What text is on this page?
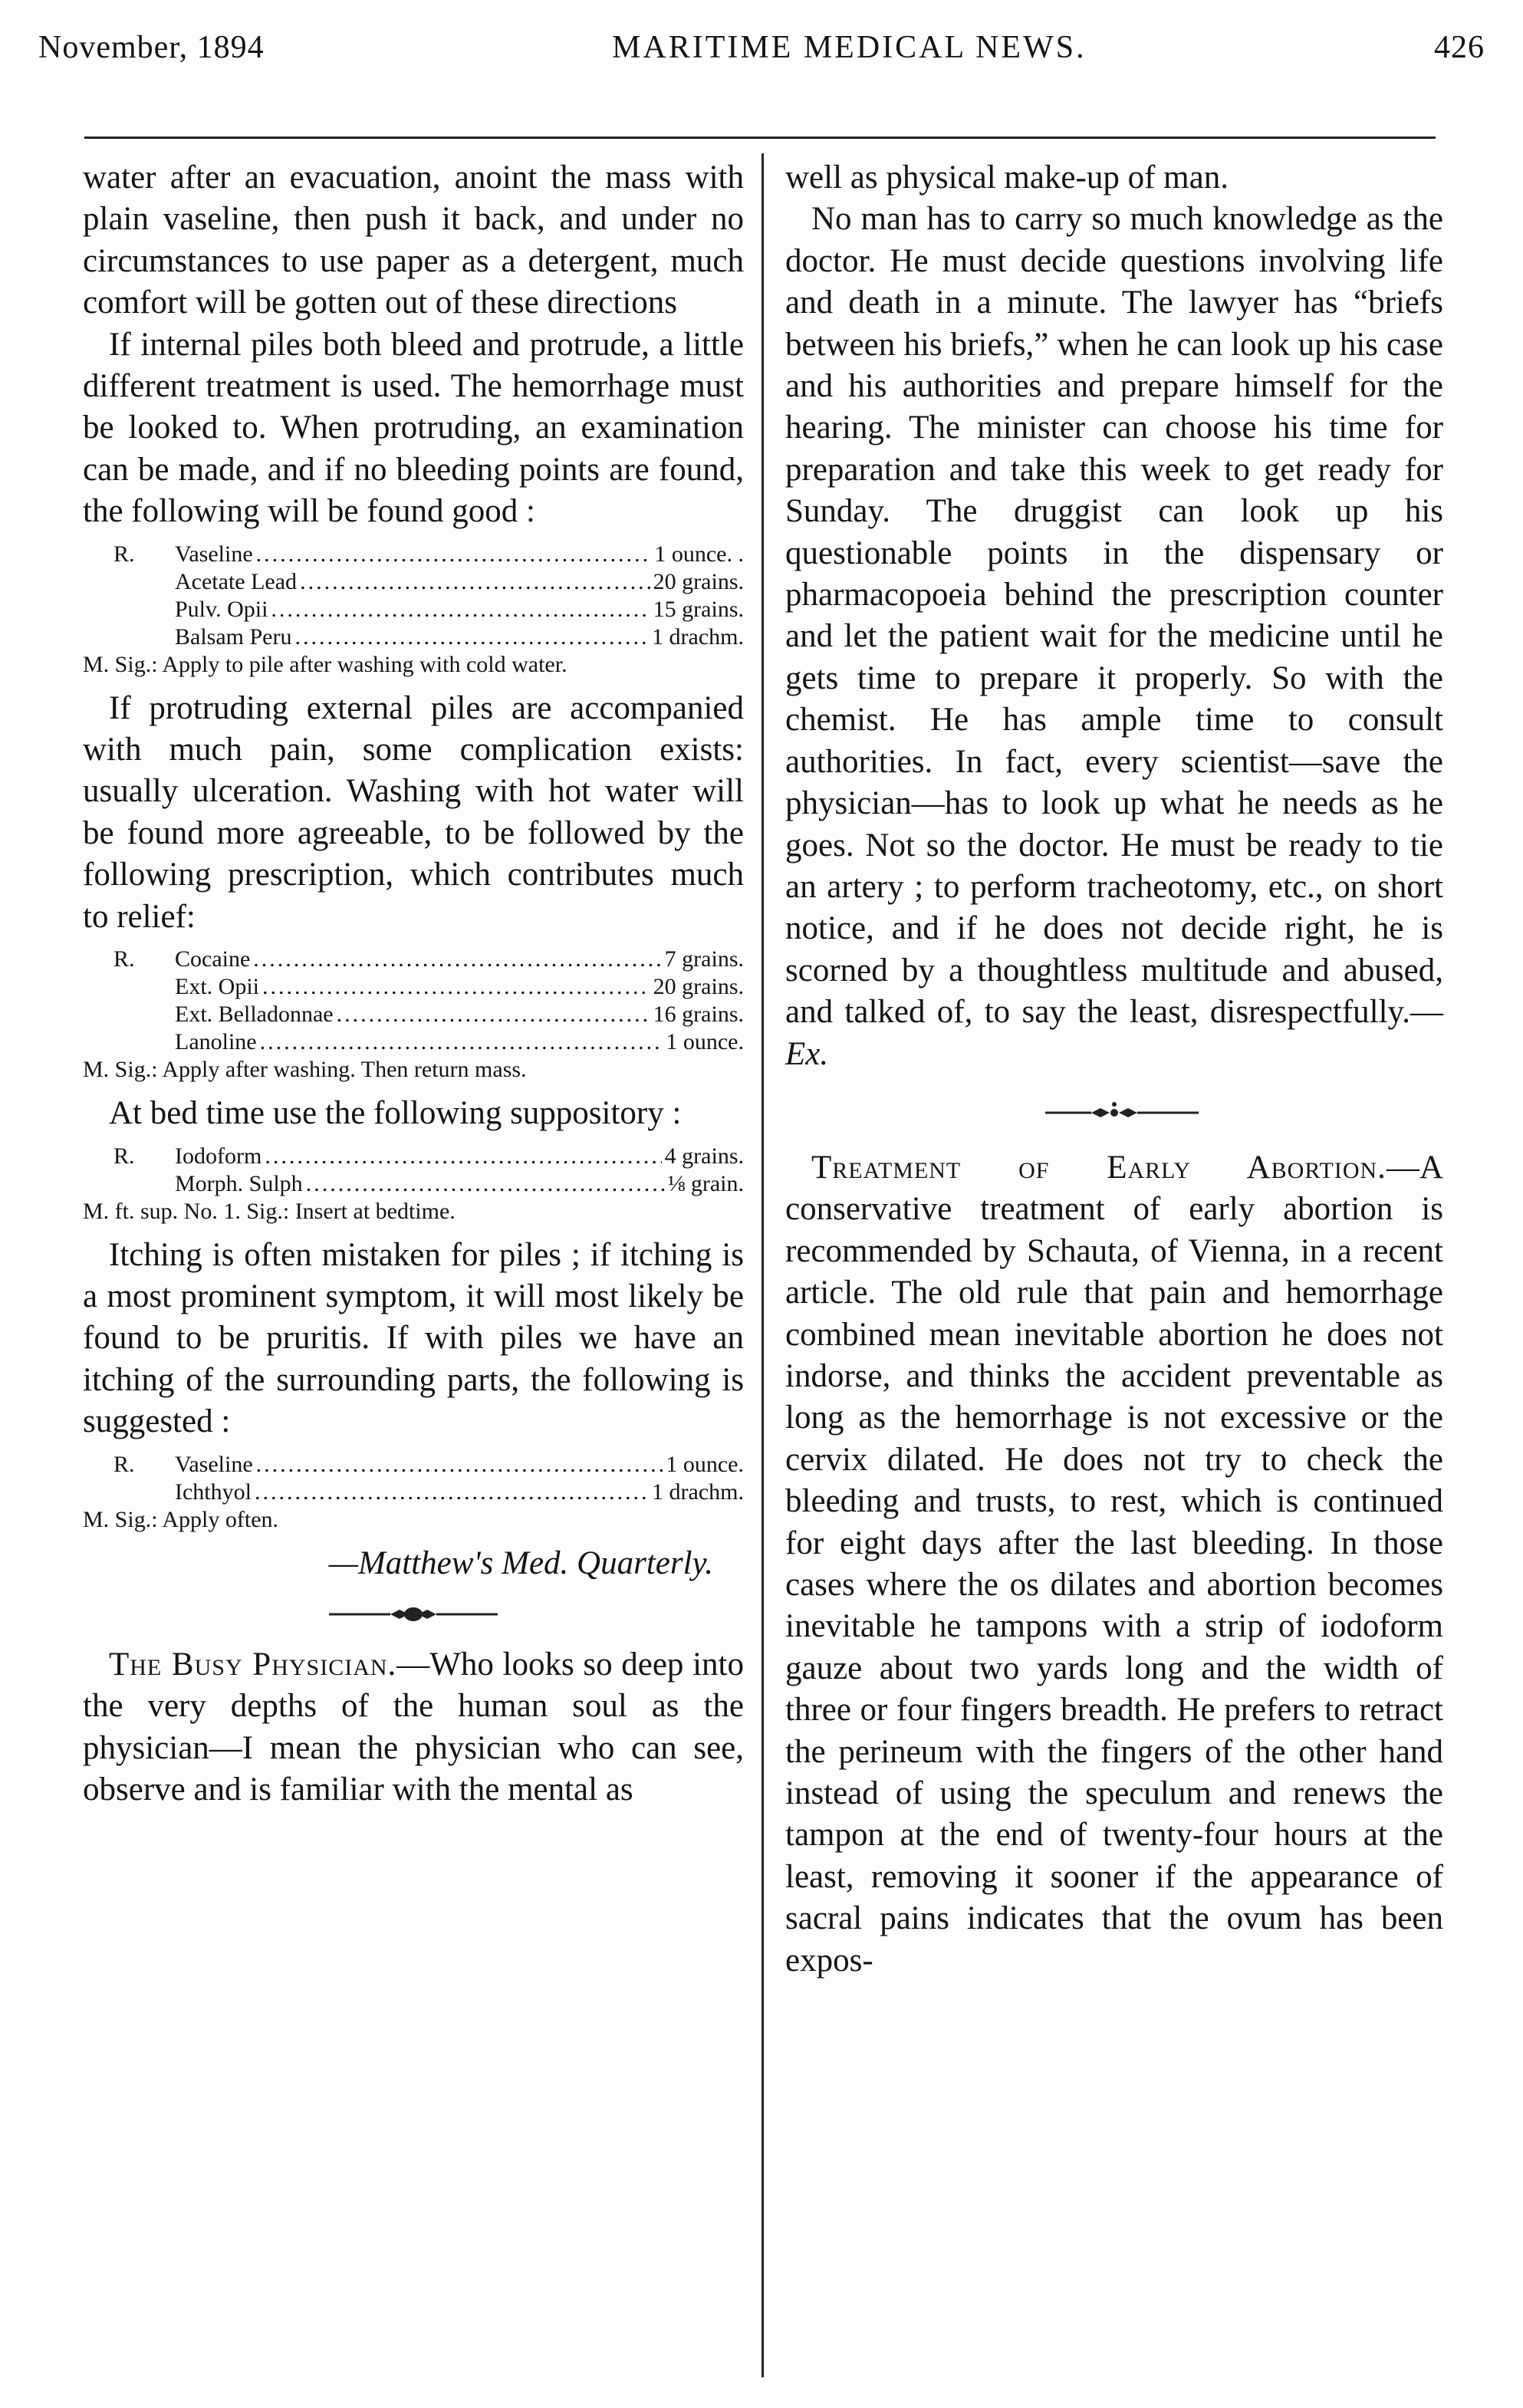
November, 1894	MARITIME MEDICAL NEWS.	426

water after an evacuation, anoint the mass with plain vaseline, then push it back, and under no circumstances to use paper as a detergent, much comfort will be gotten out of these directions

If internal piles both bleed and protrude, a little different treatment is used. The hemorrhage must be looked to. When protruding, an examination can be made, and if no bleeding points are found, the following will be found good :

R.	Vaseline .....	1 ounce. .
Acetate Lead .....	20 grains.
Pulv. Opii .....	15 grains.
Balsam Peru .....	1 drachm.
M. Sig.: Apply to pile after washing with cold water.

If protruding external piles are accompanied with much pain, some complication exists: usually ulceration. Washing with hot water will be found more agreeable, to be followed by the following prescription, which contributes much to relief:

R.	Cocaine .....	7 grains.
Ext. Opii .....	20 grains.
Ext. Belladonnae .....	16 grains.
Lanoline .....	1 ounce.
M. Sig.: Apply after washing. Then return mass.

At bed time use the following suppository :

R.	Iodoform .....	4 grains.
Morph. Sulph .....	⅛ grain.
M. ft. sup. No. 1. Sig.: Insert at bedtime.

Itching is often mistaken for piles ; if itching is a most prominent symptom, it will most likely be found to be pruritis. If with piles we have an itching of the surrounding parts, the following is suggested :

R.	Vaseline .....	1 ounce.
Ichthyol .....	1 drachm.
M. Sig.: Apply often.

—Matthew's Med. Quarterly.

The Busy Physician.—Who looks so deep into the very depths of the human soul as the physician—I mean the physician who can see, observe and is familiar with the mental as

well as physical make-up of man.

No man has to carry so much knowledge as the doctor. He must decide questions involving life and death in a minute. The lawyer has “briefs between his briefs,” when he can look up his case and his authorities and prepare himself for the hearing. The minister can choose his time for preparation and take this week to get ready for Sunday. The druggist can look up his questionable points in the dispensary or pharmacopoeia behind the prescription counter and let the patient wait for the medicine until he gets time to prepare it properly. So with the chemist. He has ample time to consult authorities. In fact, every scientist—save the physician—has to look up what he needs as he goes. Not so the doctor. He must be ready to tie an artery ; to perform tracheotomy, etc., on short notice, and if he does not decide right, he is scorned by a thoughtless multitude and abused, and talked of, to say the least, disrespectfully.—Ex.

Treatment of Early Abortion.—A conservative treatment of early abortion is recommended by Schauta, of Vienna, in a recent article. The old rule that pain and hemorrhage combined mean inevitable abortion he does not indorse, and thinks the accident preventable as long as the hemorrhage is not excessive or the cervix dilated. He does not try to check the bleeding and trusts, to rest, which is continued for eight days after the last bleeding. In those cases where the os dilates and abortion becomes inevitable he tampons with a strip of iodoform gauze about two yards long and the width of three or four fingers breadth. He prefers to retract the perineum with the fingers of the other hand instead of using the speculum and renews the tampon at the end of twenty-four hours at the least, removing it sooner if the appearance of sacral pains indicates that the ovum has been expos-
